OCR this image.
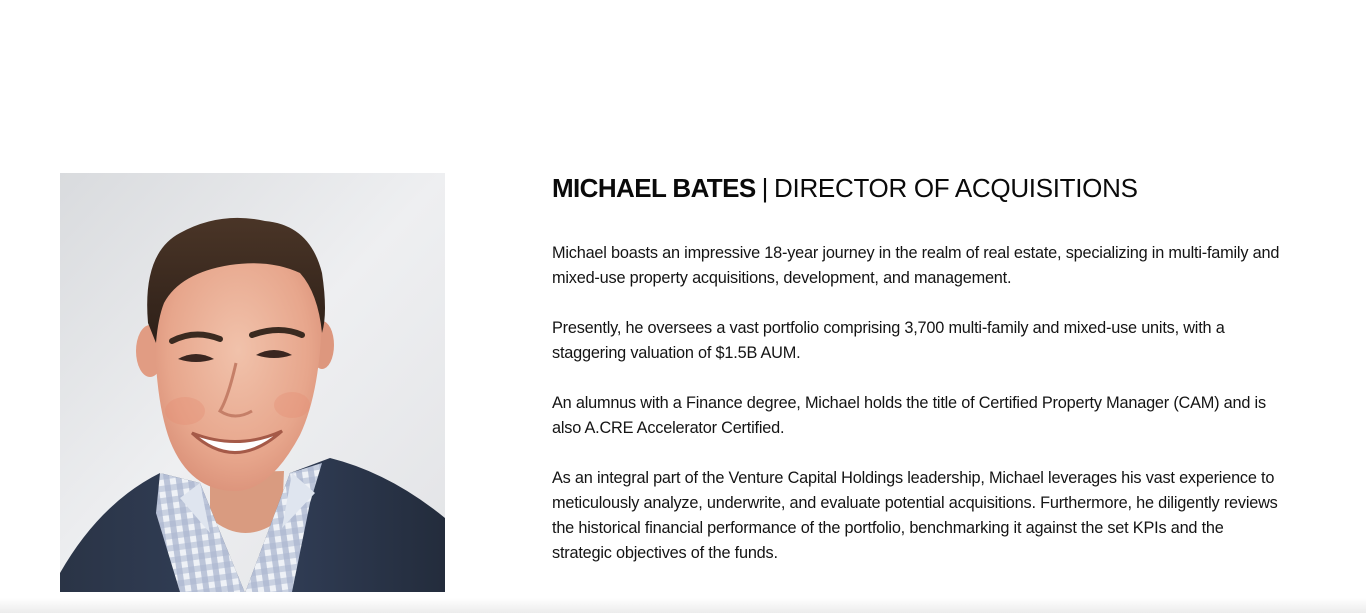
MICHAEL BATES | DIRECTOR OF ACQUISITIONS

Michael boasts an impressive 18-year journey in the realm of real estate, specializing in multi-family and mixed-use property acquisitions, development, and management.

Presently, he oversees a vast portfolio comprising 3,700 multi-family and mixed-use units, with a staggering valuation of $1.5B AUM.

An alumnus with a Finance degree, Michael holds the title of Certified Property Manager (CAM) and is also A.CRE Accelerator Certified.

As an integral part of the Venture Capital Holdings leadership, Michael leverages his vast experience to meticulously analyze, underwrite, and evaluate potential acquisitions. Furthermore, he diligently reviews the historical financial performance of the portfolio, benchmarking it against the set KPIs and the strategic objectives of the funds.
